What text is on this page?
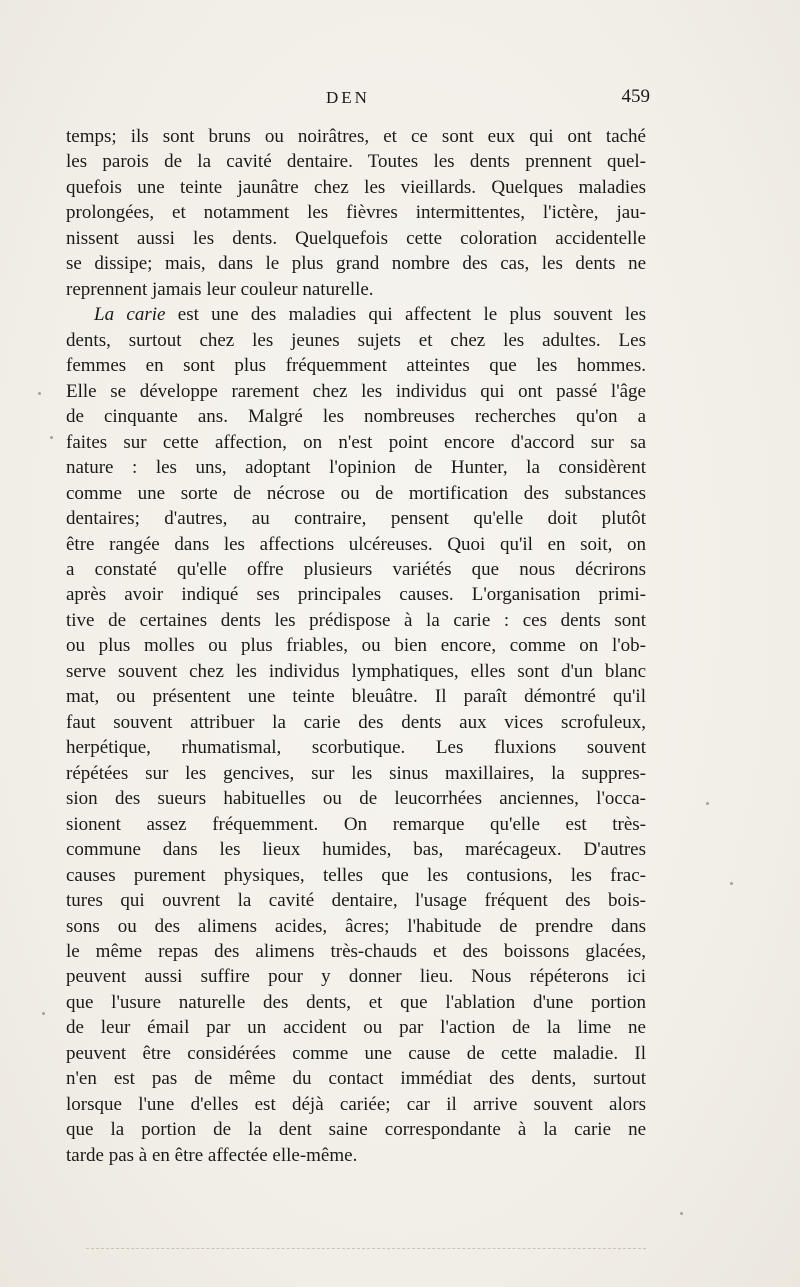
DEN	459
temps; ils sont bruns ou noirâtres, et ce sont eux qui ont taché
les parois de la cavité dentaire. Toutes les dents prennent quel-
quefois une teinte jaunâtre chez les vieillards. Quelques maladies
prolongées, et notamment les fièvres intermittentes, l'ictère, jau-
nissent aussi les dents. Quelquefois cette coloration accidentelle
se dissipe; mais, dans le plus grand nombre des cas, les dents ne
reprennent jamais leur couleur naturelle.
La carie est une des maladies qui affectent le plus souvent les
dents, surtout chez les jeunes sujets et chez les adultes. Les
femmes en sont plus fréquemment atteintes que les hommes.
Elle se développe rarement chez les individus qui ont passé l'âge
de cinquante ans. Malgré les nombreuses recherches qu'on a
faites sur cette affection, on n'est point encore d'accord sur sa
nature : les uns, adoptant l'opinion de Hunter, la considèrent
comme une sorte de nécrose ou de mortification des substances
dentaires; d'autres, au contraire, pensent qu'elle doit plutôt
être rangée dans les affections ulcéreuses. Quoi qu'il en soit, on
a constaté qu'elle offre plusieurs variétés que nous décrirons
après avoir indiqué ses principales causes. L'organisation primi-
tive de certaines dents les prédispose à la carie : ces dents sont
ou plus molles ou plus friables, ou bien encore, comme on l'ob-
serve souvent chez les individus lymphatiques, elles sont d'un blanc
mat, ou présentent une teinte bleuâtre. Il paraît démontré qu'il
faut souvent attribuer la carie des dents aux vices scrofuleux,
herpétique, rhumatismal, scorbutique. Les fluxions souvent
répétées sur les gencives, sur les sinus maxillaires, la suppres-
sion des sueurs habituelles ou de leucorrhées anciennes, l'occa-
sionent assez fréquemment. On remarque qu'elle est très-
commune dans les lieux humides, bas, marécageux. D'autres
causes purement physiques, telles que les contusions, les frac-
tures qui ouvrent la cavité dentaire, l'usage fréquent des bois-
sons ou des alimens acides, âcres; l'habitude de prendre dans
le même repas des alimens très-chauds et des boissons glacées,
peuvent aussi suffire pour y donner lieu. Nous répéterons ici
que l'usure naturelle des dents, et que l'ablation d'une portion
de leur émail par un accident ou par l'action de la lime ne
peuvent être considérées comme une cause de cette maladie. Il
n'en est pas de même du contact immédiat des dents, surtout
lorsque l'une d'elles est déjà cariée; car il arrive souvent alors
que la portion de la dent saine correspondante à la carie ne
tarde pas à en être affectée elle-même.
